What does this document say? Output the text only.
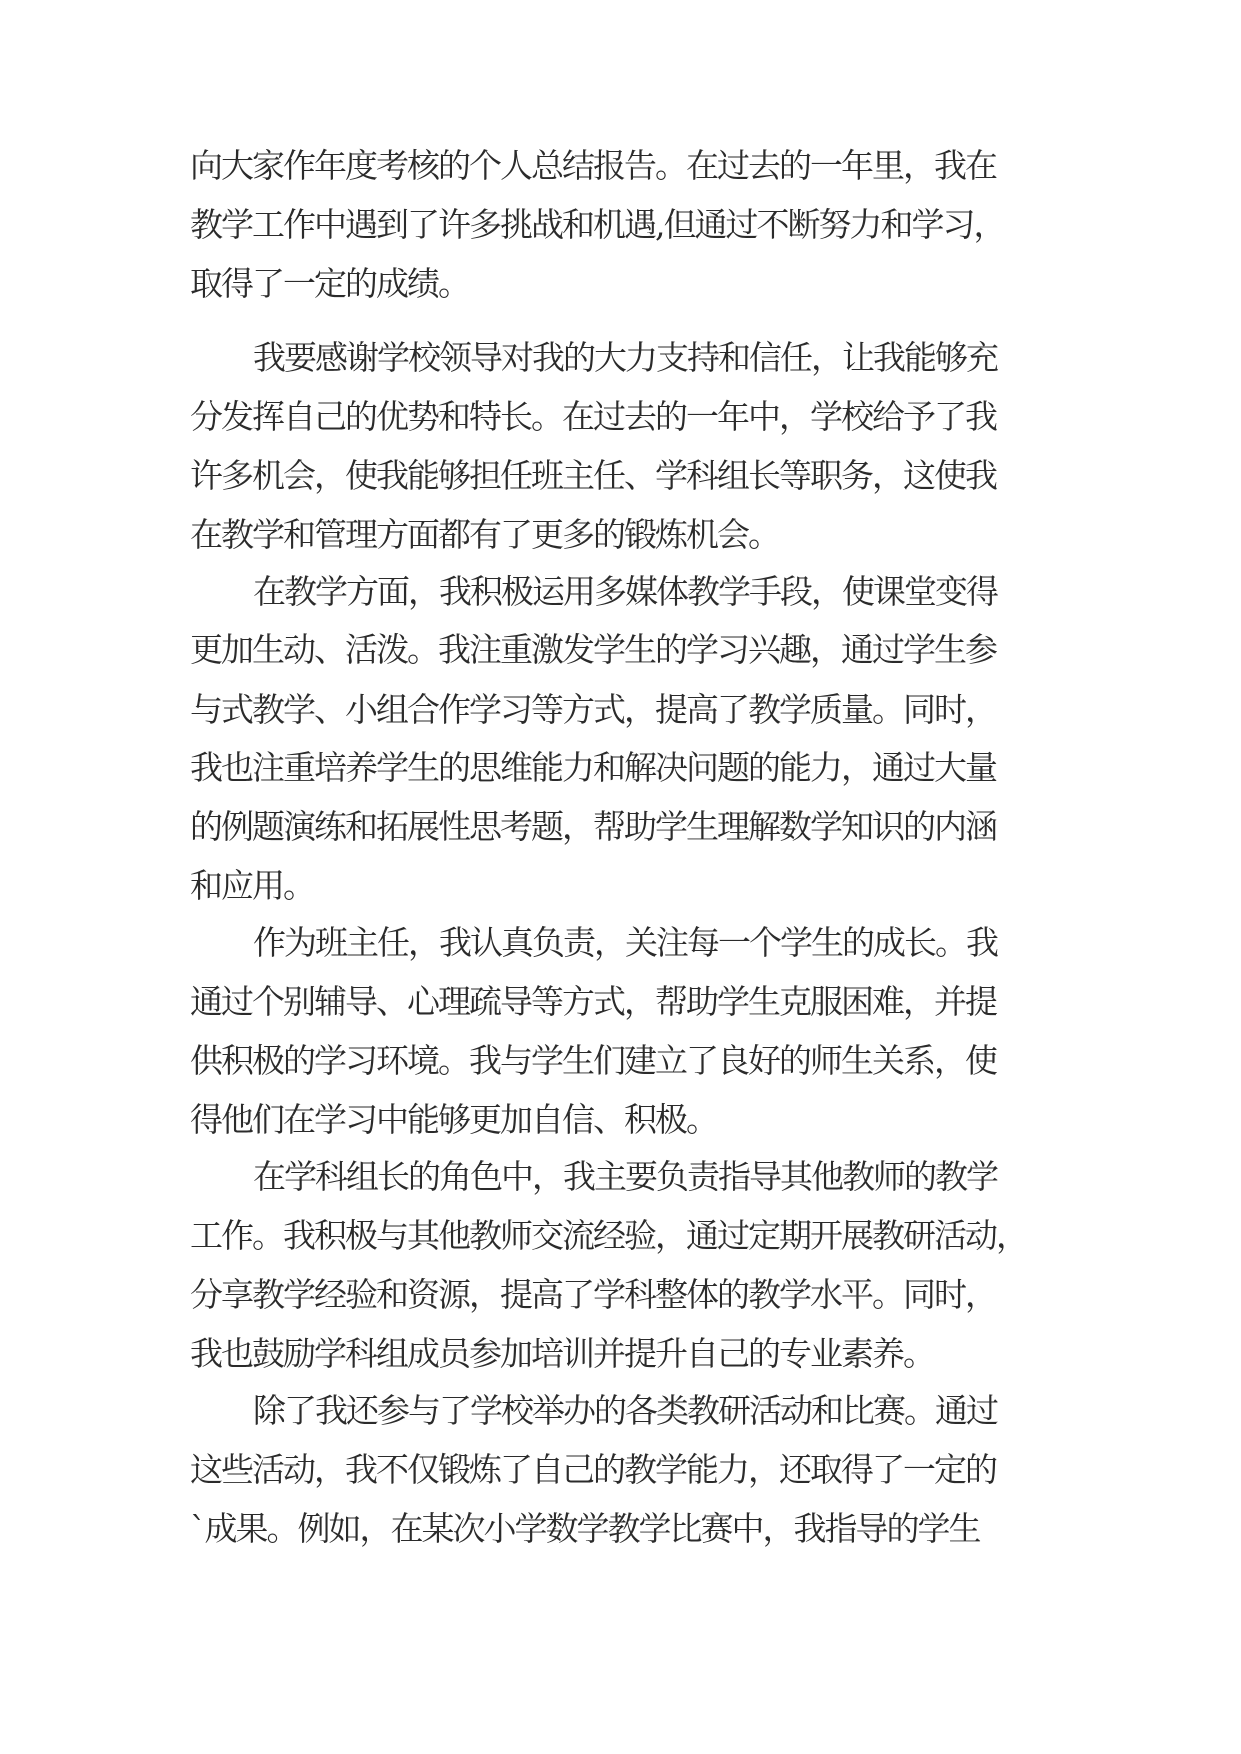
向大家作年度考核的个人总结报告。在过去的一年里，我在
教学工作中遇到了许多挑战和机遇,但通过不断努力和学习，
取得了一定的成绩。
我要感谢学校领导对我的大力支持和信任，让我能够充
分发挥自己的优势和特长。在过去的一年中，学校给予了我
许多机会，使我能够担任班主任、学科组长等职务，这使我
在教学和管理方面都有了更多的锻炼机会。
在教学方面，我积极运用多媒体教学手段，使课堂变得
更加生动、活泼。我注重激发学生的学习兴趣，通过学生参
与式教学、小组合作学习等方式，提高了教学质量。同时，
我也注重培养学生的思维能力和解决问题的能力，通过大量
的例题演练和拓展性思考题，帮助学生理解数学知识的内涵
和应用。
作为班主任，我认真负责，关注每一个学生的成长。我
通过个别辅导、心理疏导等方式，帮助学生克服困难，并提
供积极的学习环境。我与学生们建立了良好的师生关系，使
得他们在学习中能够更加自信、积极。
在学科组长的角色中，我主要负责指导其他教师的教学
工作。我积极与其他教师交流经验，通过定期开展教研活动，
分享教学经验和资源，提高了学科整体的教学水平。同时，
我也鼓励学科组成员参加培训并提升自己的专业素养。
除了我还参与了学校举办的各类教研活动和比赛。通过
这些活动，我不仅锻炼了自己的教学能力，还取得了一定的
`成果。例如，在某次小学数学教学比赛中，我指导的学生
